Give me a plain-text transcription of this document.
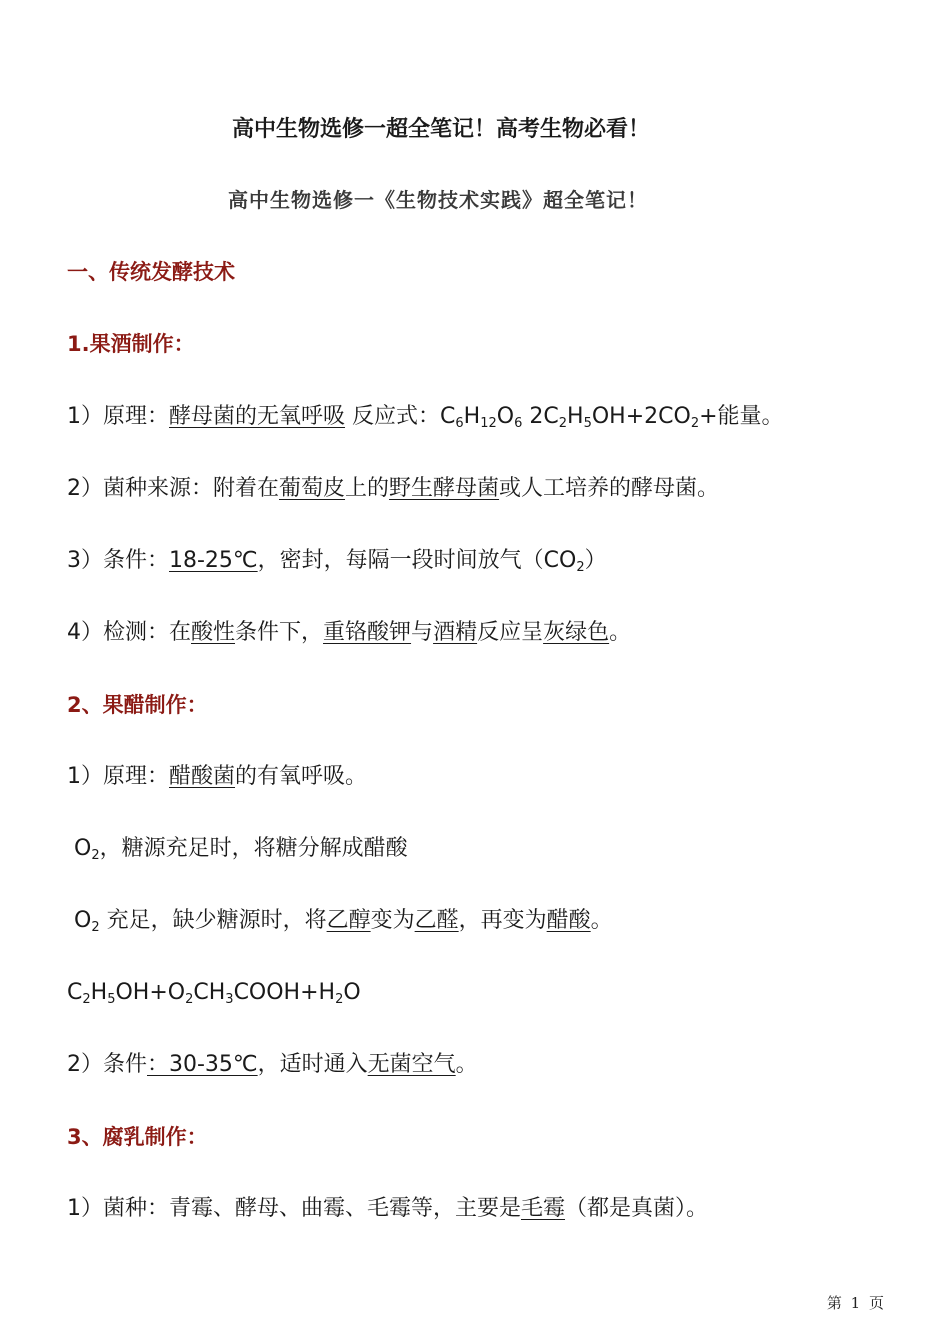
高中生物选修一超全笔记！高考生物必看！
高中生物选修一《生物技术实践》超全笔记！
一、传统发酵技术
1.果酒制作：
1）原理：酵母菌的无氧呼吸 反应式：$C_6H_{12}O_6$ $2C_2H_5OH+2CO_2+$能量。
2）菌种来源：附着在葡萄皮上的野生酵母菌或人工培养的酵母菌。
3）条件：18-25℃，密封，每隔一段时间放气$(CO_2)$
4）检测：在酸性条件下，重铬酸钾与酒精反应呈灰绿色。
2、果醋制作：
1）原理：醋酸菌的有氧呼吸。
$O_2$，糖源充足时，将糖分解成醋酸
$O_2$ 充足，缺少糖源时，将乙醇变为乙醛，再变为醋酸。
$C_2H_5OH+O_2CH_3COOH+H_2O$
2）条件：30-35℃，适时通入无菌空气。
3、腐乳制作：
1）菌种：青霉、酵母、曲霉、毛霉等，主要是毛霉（都是真菌）。
第 1 页
